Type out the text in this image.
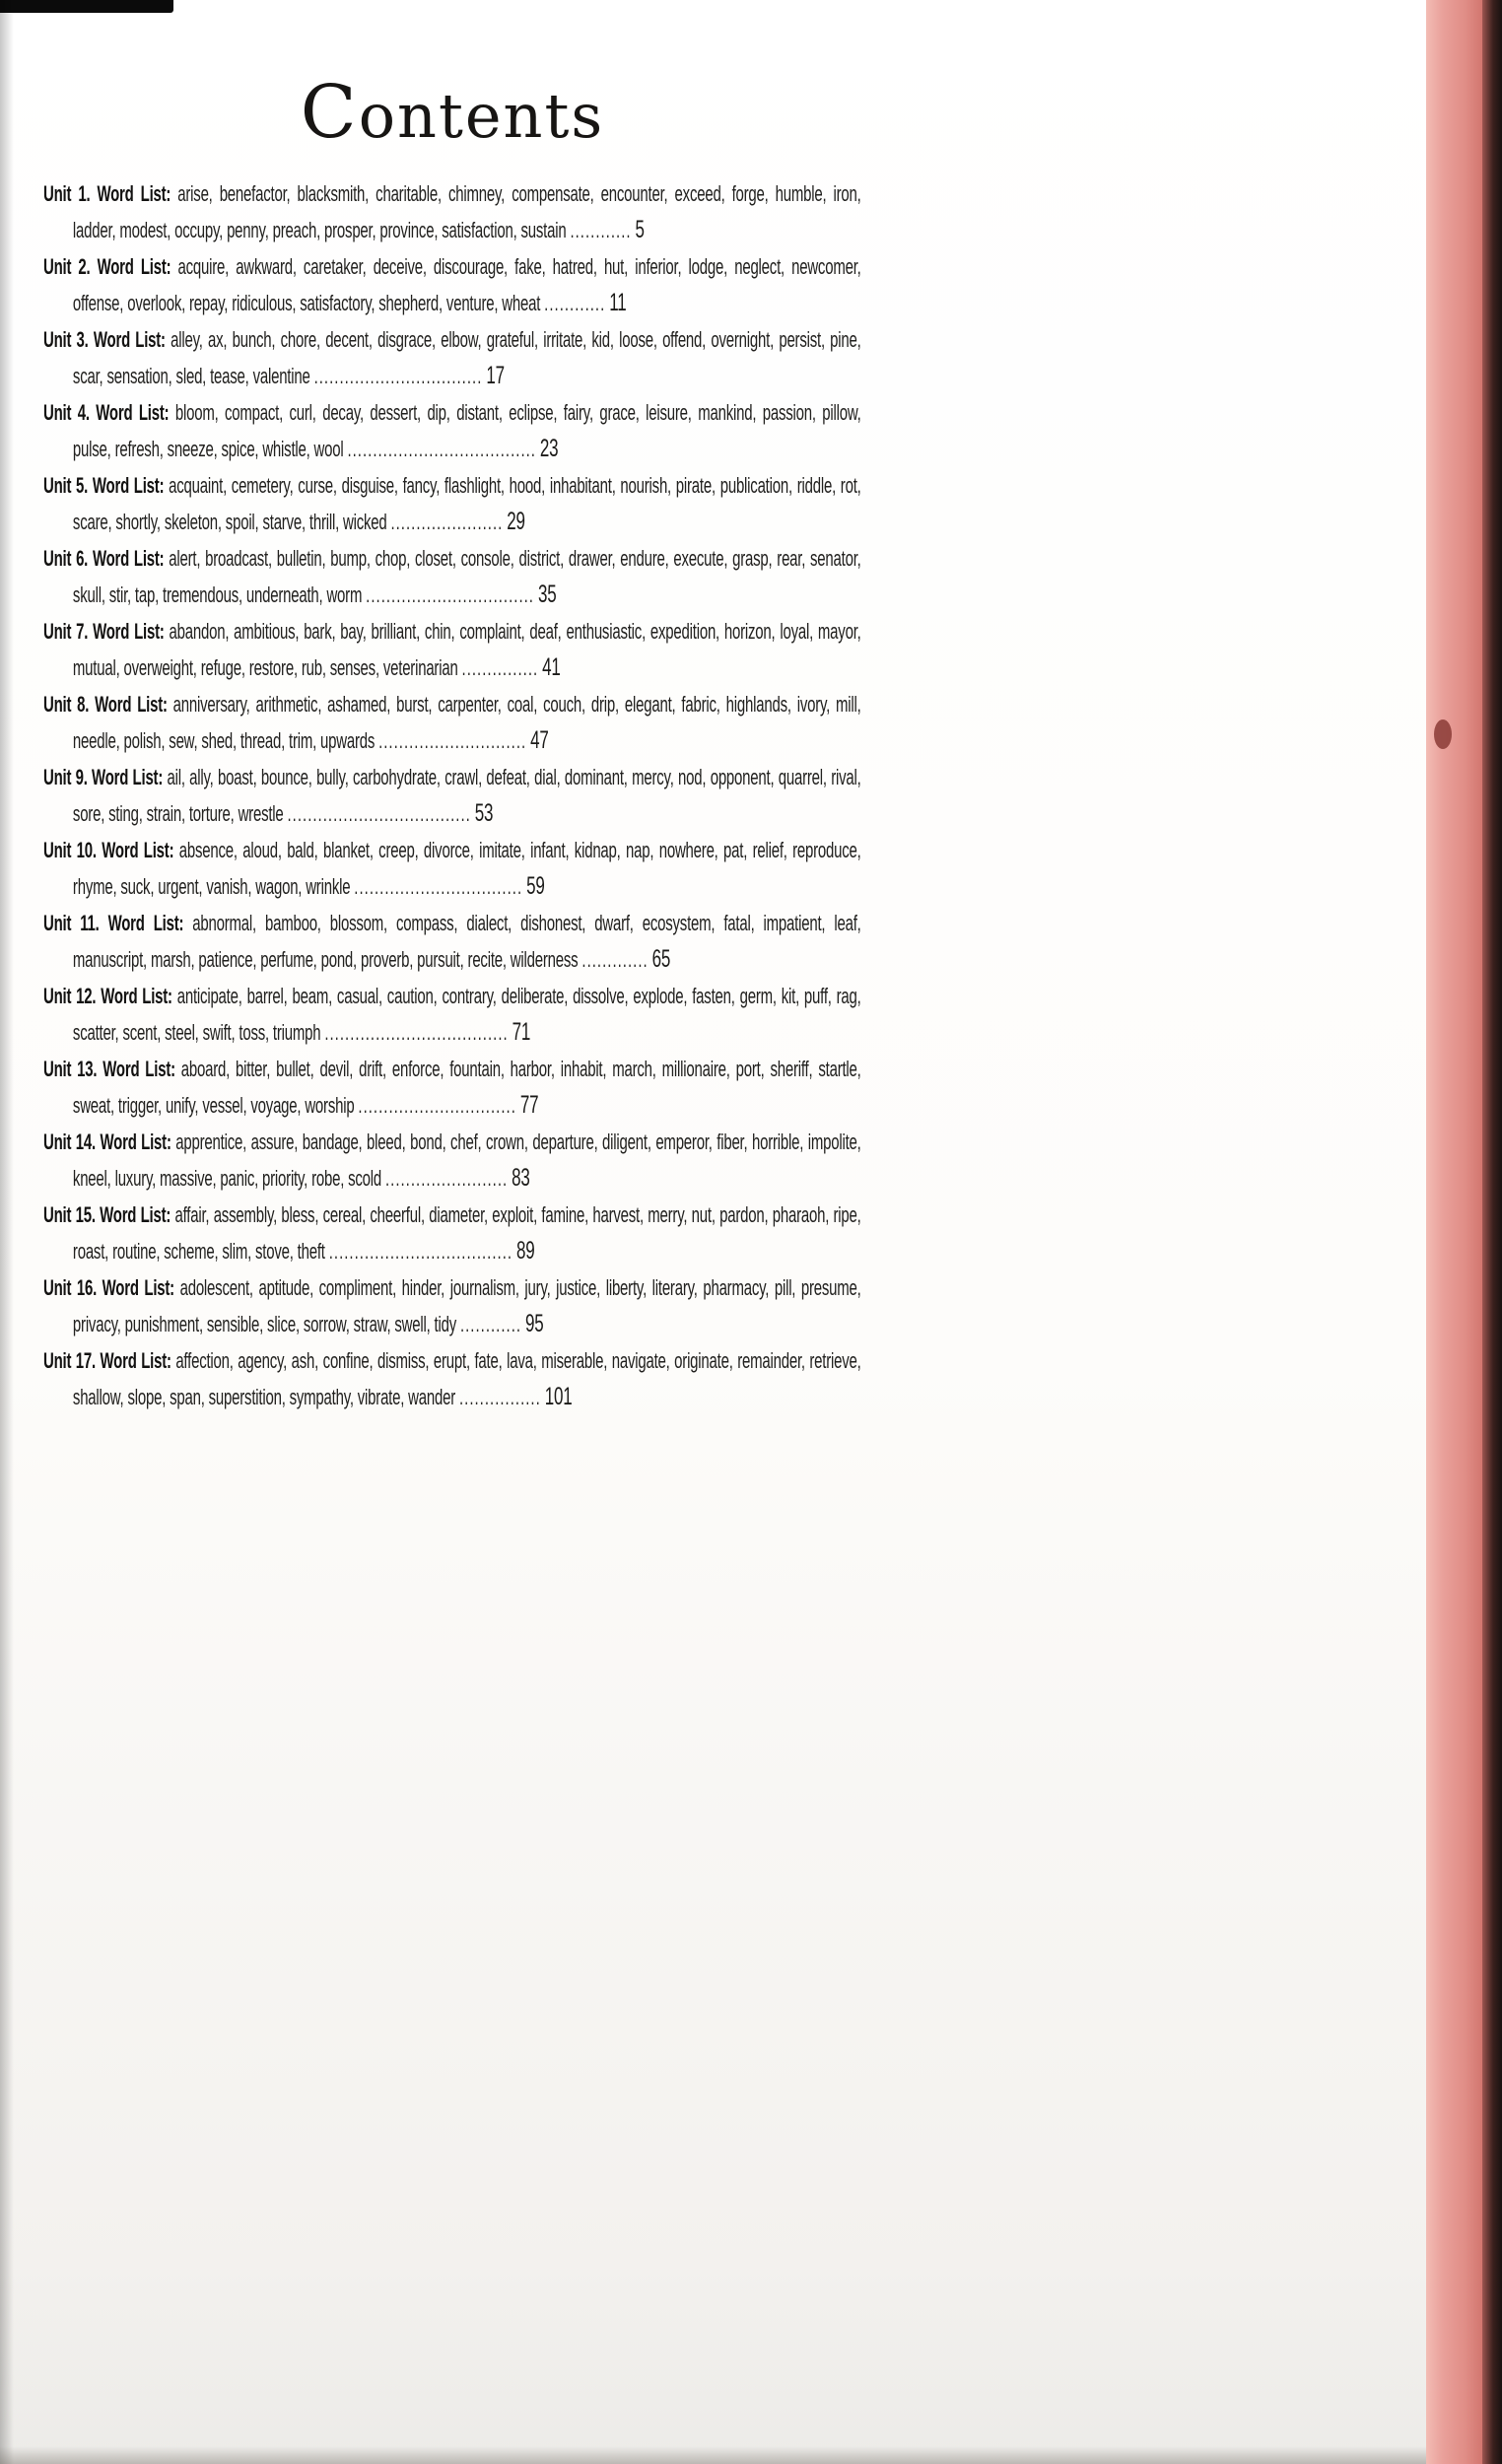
Contents

Unit 1. Word List: arise, benefactor, blacksmith, charitable, chimney, compensate, encounter, exceed, forge, humble, iron, ladder, modest, occupy, penny, preach, prosper, province, satisfaction, sustain ............ 5

Unit 2. Word List: acquire, awkward, caretaker, deceive, discourage, fake, hatred, hut, inferior, lodge, neglect, newcomer, offense, overlook, repay, ridiculous, satisfactory, shepherd, venture, wheat ............ 11

Unit 3. Word List: alley, ax, bunch, chore, decent, disgrace, elbow, grateful, irritate, kid, loose, offend, overnight, persist, pine, scar, sensation, sled, tease, valentine ................................. 17

Unit 4. Word List: bloom, compact, curl, decay, dessert, dip, distant, eclipse, fairy, grace, leisure, mankind, passion, pillow, pulse, refresh, sneeze, spice, whistle, wool ..................................... 23

Unit 5. Word List: acquaint, cemetery, curse, disguise, fancy, flashlight, hood, inhabitant, nourish, pirate, publication, riddle, rot, scare, shortly, skeleton, spoil, starve, thrill, wicked ...................... 29

Unit 6. Word List: alert, broadcast, bulletin, bump, chop, closet, console, district, drawer, endure, execute, grasp, rear, senator, skull, stir, tap, tremendous, underneath, worm ................................. 35

Unit 7. Word List: abandon, ambitious, bark, bay, brilliant, chin, complaint, deaf, enthusiastic, expedition, horizon, loyal, mayor, mutual, overweight, refuge, restore, rub, senses, veterinarian ............... 41

Unit 8. Word List: anniversary, arithmetic, ashamed, burst, carpenter, coal, couch, drip, elegant, fabric, highlands, ivory, mill, needle, polish, sew, shed, thread, trim, upwards ............................. 47

Unit 9. Word List: ail, ally, boast, bounce, bully, carbohydrate, crawl, defeat, dial, dominant, mercy, nod, opponent, quarrel, rival, sore, sting, strain, torture, wrestle .................................... 53

Unit 10. Word List: absence, aloud, bald, blanket, creep, divorce, imitate, infant, kidnap, nap, nowhere, pat, relief, reproduce, rhyme, suck, urgent, vanish, wagon, wrinkle ................................. 59

Unit 11. Word List: abnormal, bamboo, blossom, compass, dialect, dishonest, dwarf, ecosystem, fatal, impatient, leaf, manuscript, marsh, patience, perfume, pond, proverb, pursuit, recite, wilderness ............. 65

Unit 12. Word List: anticipate, barrel, beam, casual, caution, contrary, deliberate, dissolve, explode, fasten, germ, kit, puff, rag, scatter, scent, steel, swift, toss, triumph .................................... 71

Unit 13. Word List: aboard, bitter, bullet, devil, drift, enforce, fountain, harbor, inhabit, march, millionaire, port, sheriff, startle, sweat, trigger, unify, vessel, voyage, worship ............................... 77

Unit 14. Word List: apprentice, assure, bandage, bleed, bond, chef, crown, departure, diligent, emperor, fiber, horrible, impolite, kneel, luxury, massive, panic, priority, robe, scold ........................ 83

Unit 15. Word List: affair, assembly, bless, cereal, cheerful, diameter, exploit, famine, harvest, merry, nut, pardon, pharaoh, ripe, roast, routine, scheme, slim, stove, theft .................................... 89

Unit 16. Word List: adolescent, aptitude, compliment, hinder, journalism, jury, justice, liberty, literary, pharmacy, pill, presume, privacy, punishment, sensible, slice, sorrow, straw, swell, tidy ............ 95

Unit 17. Word List: affection, agency, ash, confine, dismiss, erupt, fate, lava, miserable, navigate, originate, remainder, retrieve, shallow, slope, span, superstition, sympathy, vibrate, wander ................ 101
